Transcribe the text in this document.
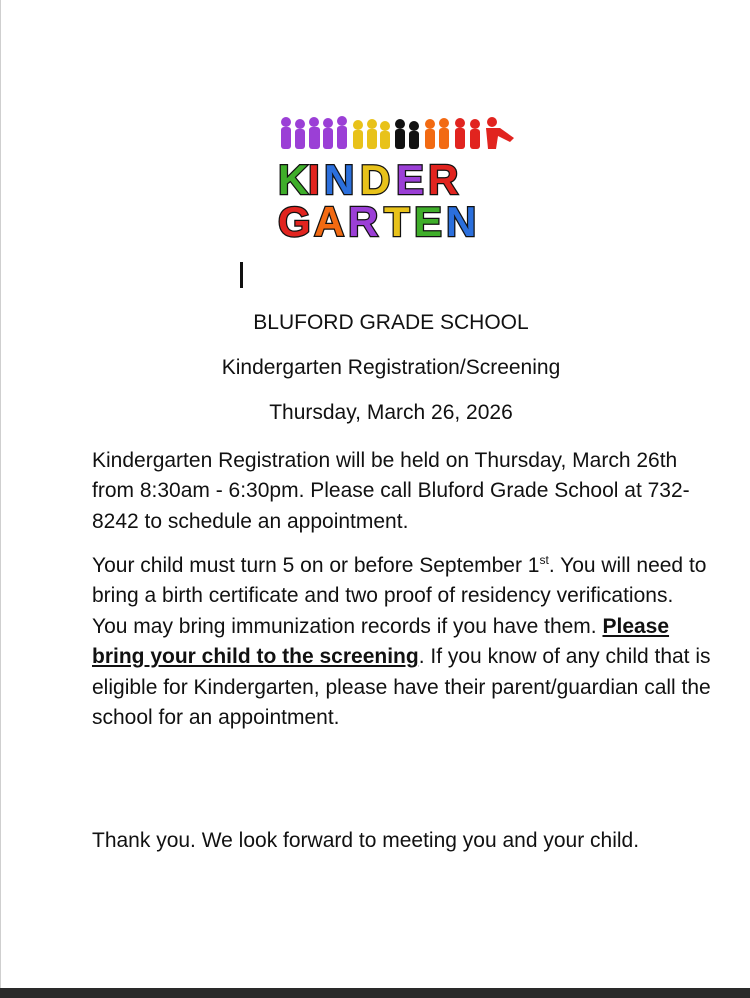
K I N D E R
G A R T E N
BLUFORD GRADE SCHOOL
Kindergarten Registration/Screening
Thursday, March 26, 2026

Kindergarten Registration will be held on Thursday, March 26th from 8:30am - 6:30pm. Please call Bluford Grade School at 732-8242 to schedule an appointment.

Your child must turn 5 on or before September 1st. You will need to bring a birth certificate and two proof of residency verifications. You may bring immunization records if you have them. Please bring your child to the screening. If you know of any child that is eligible for Kindergarten, please have their parent/guardian call the school for an appointment.

Thank you. We look forward to meeting you and your child.
